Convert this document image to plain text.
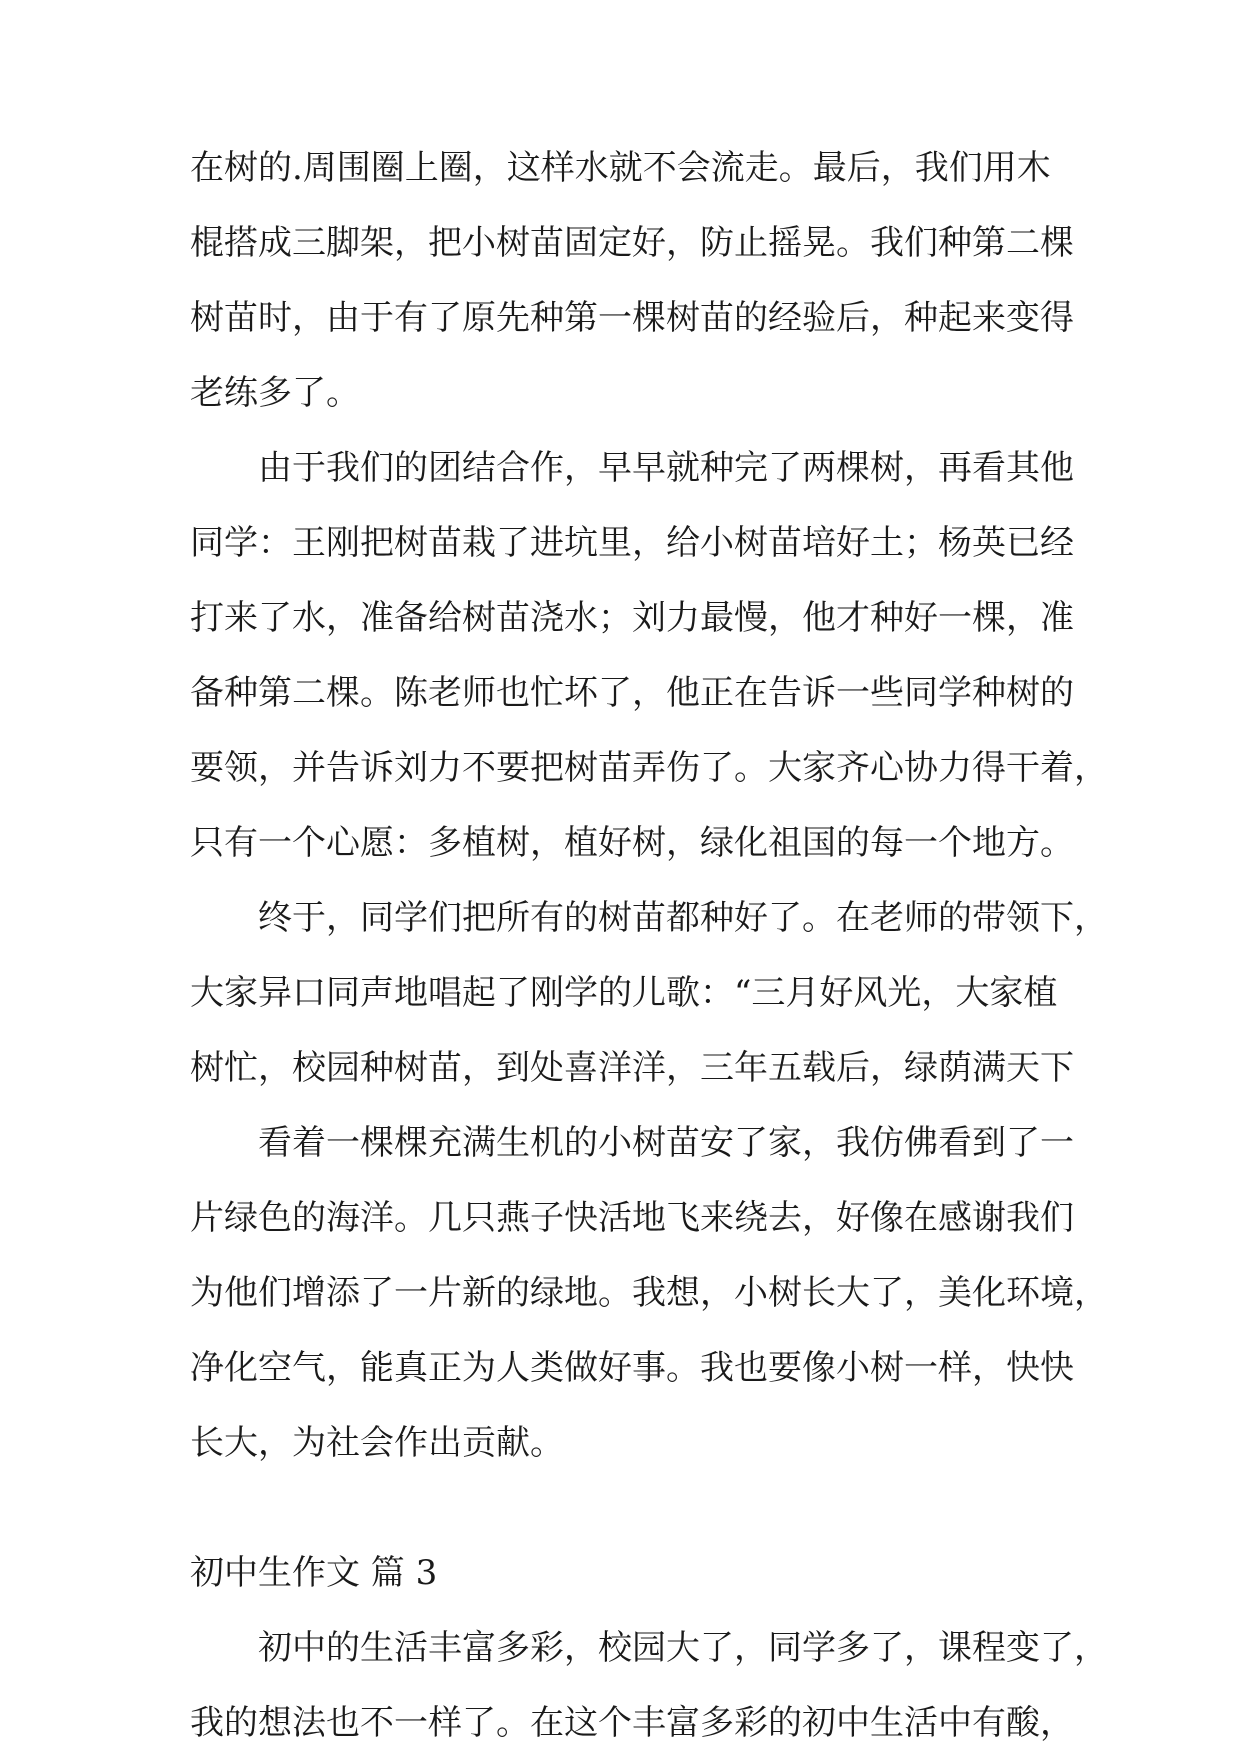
在树的.周围圈上圈，这样水就不会流走。最后，我们用木
棍搭成三脚架，把小树苗固定好，防止摇晃。我们种第二棵
树苗时，由于有了原先种第一棵树苗的经验后，种起来变得
老练多了。
由于我们的团结合作，早早就种完了两棵树，再看其他
同学：王刚把树苗栽了进坑里，给小树苗培好土；杨英已经
打来了水，准备给树苗浇水；刘力最慢，他才种好一棵，准
备种第二棵。陈老师也忙坏了，他正在告诉一些同学种树的
要领，并告诉刘力不要把树苗弄伤了。大家齐心协力得干着，
只有一个心愿：多植树，植好树，绿化祖国的每一个地方。
终于，同学们把所有的树苗都种好了。在老师的带领下，
大家异口同声地唱起了刚学的儿歌：“三月好风光，大家植
树忙，校园种树苗，到处喜洋洋，三年五载后，绿荫满天下
看着一棵棵充满生机的小树苗安了家，我仿佛看到了一
片绿色的海洋。几只燕子快活地飞来绕去，好像在感谢我们
为他们增添了一片新的绿地。我想，小树长大了，美化环境，
净化空气，能真正为人类做好事。我也要像小树一样，快快
长大，为社会作出贡献。
初中生作文 篇 3
初中的生活丰富多彩，校园大了，同学多了，课程变了，
我的想法也不一样了。在这个丰富多彩的初中生活中有酸，
